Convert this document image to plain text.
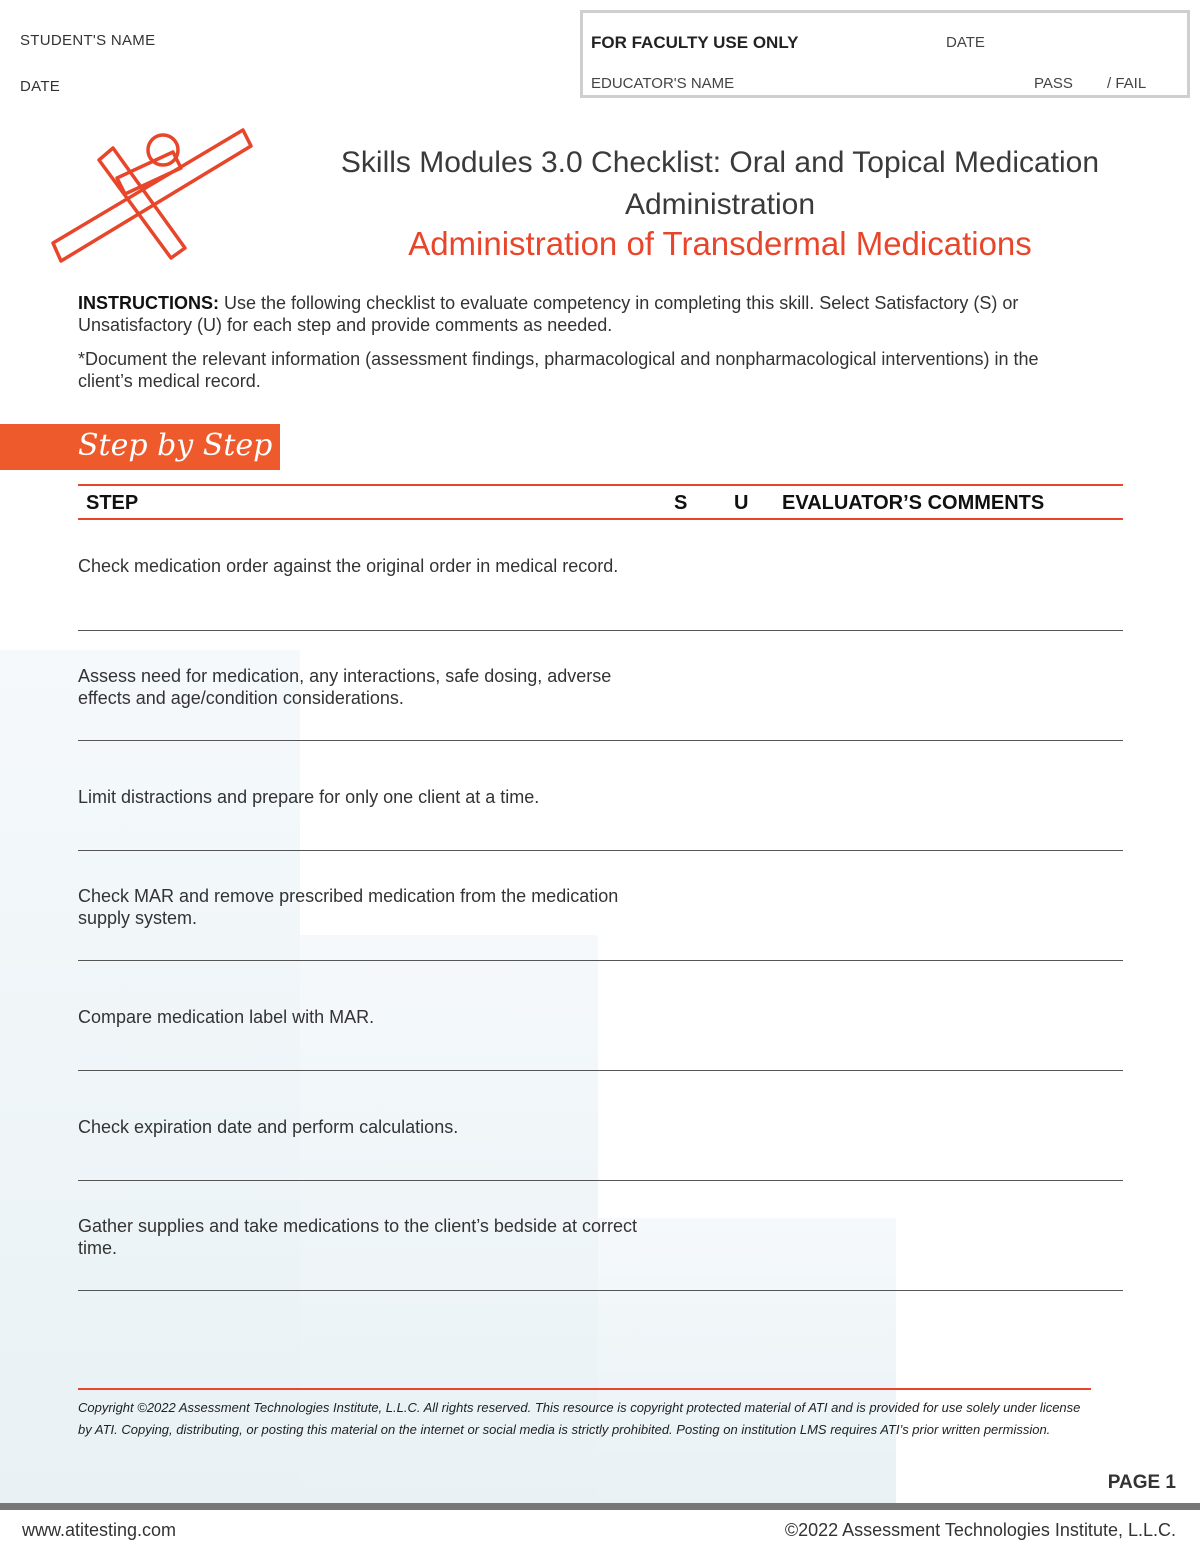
STUDENT'S NAME
DATE
FOR FACULTY USE ONLY	DATE
EDUCATOR'S NAME	PASS / FAIL
Skills Modules 3.0 Checklist: Oral and Topical Medication Administration
Administration of Transdermal Medications

INSTRUCTIONS: Use the following checklist to evaluate competency in completing this skill. Select Satisfactory (S) or Unsatisfactory (U) for each step and provide comments as needed.

*Document the relevant information (assessment findings, pharmacological and nonpharmacological interventions) in the client’s medical record.

Step by Step
STEP	S U EVALUATOR’S COMMENTS
Check medication order against the original order in medical record.
Assess need for medication, any interactions, safe dosing, adverse effects and age/condition considerations.
Limit distractions and prepare for only one client at a time.
Check MAR and remove prescribed medication from the medication supply system.
Compare medication label with MAR.
Check expiration date and perform calculations.
Gather supplies and take medications to the client’s bedside at correct time.
Copyright ©2022 Assessment Technologies Institute, L.L.C. All rights reserved. This resource is copyright protected material of ATI and is provided for use solely under license by ATI. Copying, distributing, or posting this material on the internet or social media is strictly prohibited. Posting on institution LMS requires ATI’s prior written permission.
PAGE 1
www.atitesting.com	©2022 Assessment Technologies Institute, L.L.C.
